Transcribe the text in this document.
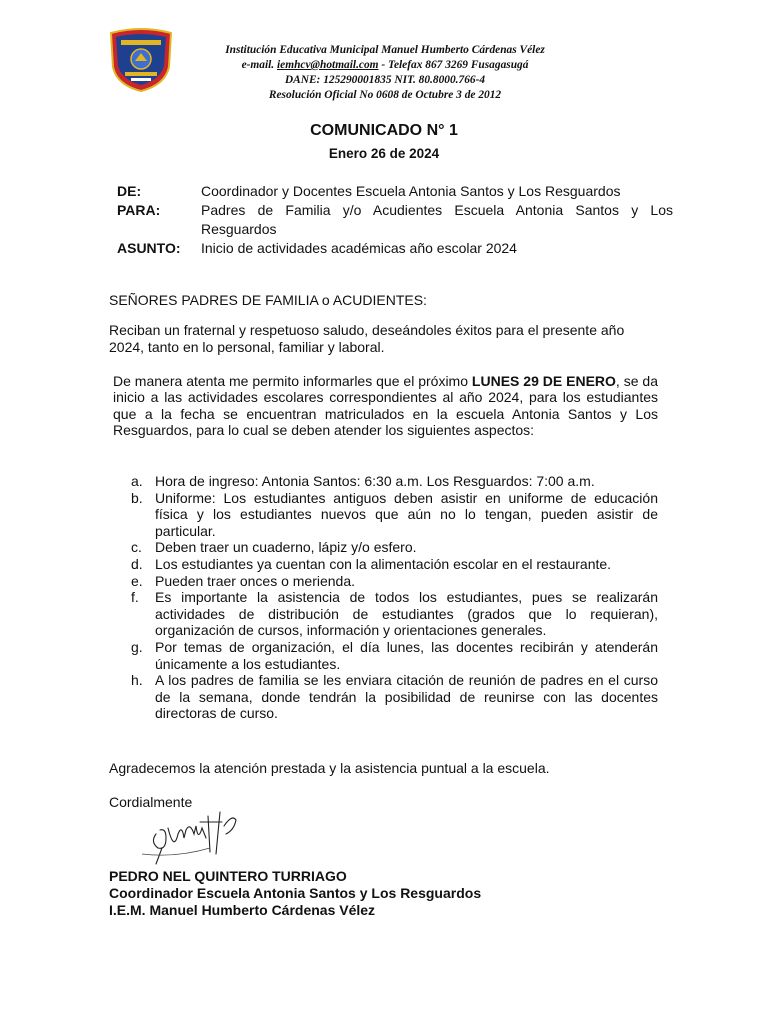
Institución Educativa Municipal Manuel Humberto Cárdenas Vélez
e-mail. iemhcv@hotmail.com - Telefax 867 3269 Fusagasugá
DANE: 125290001835 NIT. 80.8000.766-4
Resolución Oficial No 0608 de Octubre 3 de 2012
COMUNICADO N° 1
Enero 26 de 2024
DE:	Coordinador y Docentes Escuela Antonia Santos y Los Resguardos
PARA:	Padres de Familia y/o Acudientes Escuela Antonia Santos y Los Resguardos
ASUNTO:	Inicio de actividades académicas año escolar 2024
SEÑORES PADRES DE FAMILIA o ACUDIENTES:
Reciban un fraternal y respetuoso saludo, deseándoles éxitos para el presente año 2024, tanto en lo personal, familiar y laboral.
De manera atenta me permito informarles que el próximo LUNES 29 DE ENERO, se da inicio a las actividades escolares correspondientes al año 2024, para los estudiantes que a la fecha se encuentran matriculados en la escuela Antonia Santos y Los Resguardos, para lo cual se deben atender los siguientes aspectos:
a. Hora de ingreso: Antonia Santos: 6:30 a.m. Los Resguardos: 7:00 a.m.
b. Uniforme: Los estudiantes antiguos deben asistir en uniforme de educación física y los estudiantes nuevos que aún no lo tengan, pueden asistir de particular.
c. Deben traer un cuaderno, lápiz y/o esfero.
d. Los estudiantes ya cuentan con la alimentación escolar en el restaurante.
e. Pueden traer onces o merienda.
f.	Es importante la asistencia de todos los estudiantes, pues se realizarán actividades de distribución de estudiantes (grados que lo requieran), organización de cursos, información y orientaciones generales.
g. Por temas de organización, el día lunes, las docentes recibirán y atenderán únicamente a los estudiantes.
h. A los padres de familia se les enviara citación de reunión de padres en el curso de la semana, donde tendrán la posibilidad de reunirse con las docentes directoras de curso.
Agradecemos la atención prestada y la asistencia puntual a la escuela.
Cordialmente
PEDRO NEL QUINTERO TURRIAGO
Coordinador Escuela Antonia Santos y Los Resguardos
I.E.M. Manuel Humberto Cárdenas Vélez
